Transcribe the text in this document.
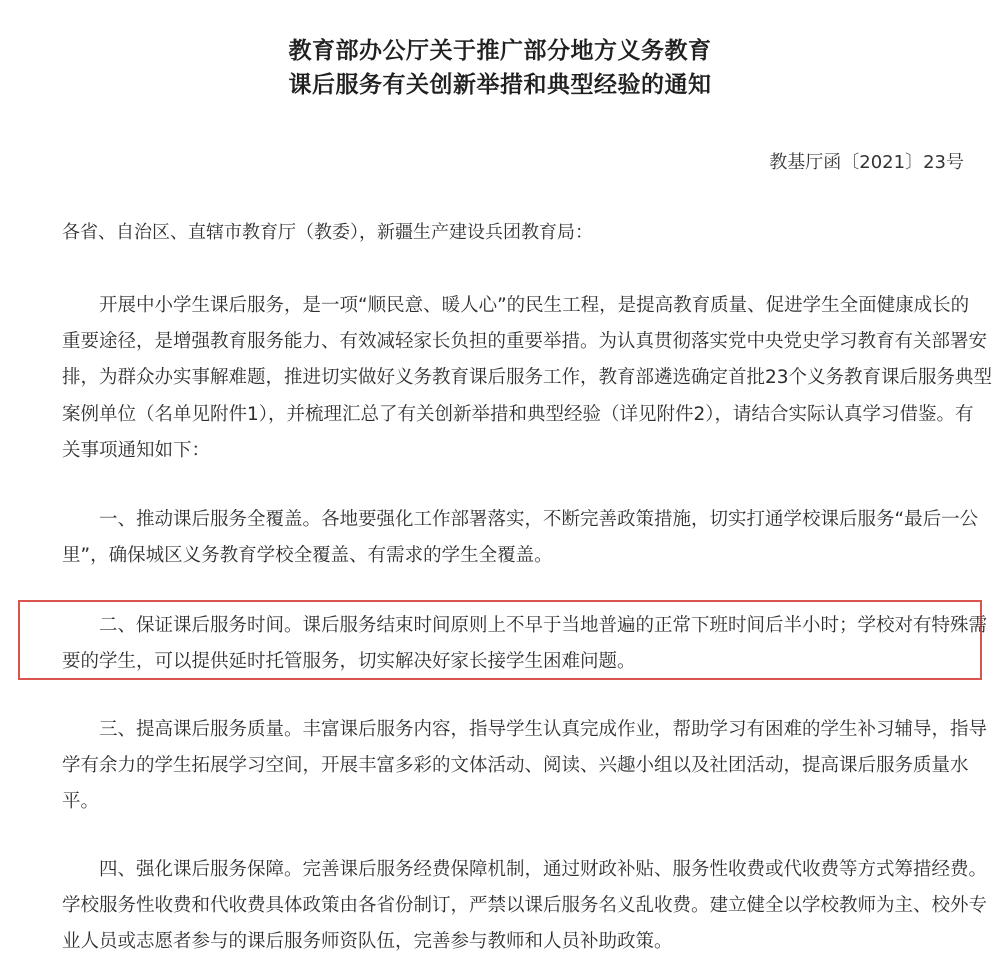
教育部办公厅关于推广部分地方义务教育
课后服务有关创新举措和典型经验的通知
教基厅函〔2021〕23号
各省、自治区、直辖市教育厅（教委），新疆生产建设兵团教育局：
开展中小学生课后服务，是一项“顺民意、暖人心”的民生工程，是提高教育质量、促进学生全面健康成长的
重要途径，是增强教育服务能力、有效减轻家长负担的重要举措。为认真贯彻落实党中央党史学习教育有关部署安
排，为群众办实事解难题，推进切实做好义务教育课后服务工作，教育部遴选确定首批23个义务教育课后服务典型
案例单位（名单见附件1），并梳理汇总了有关创新举措和典型经验（详见附件2），请结合实际认真学习借鉴。有
关事项通知如下：
一、推动课后服务全覆盖。各地要强化工作部署落实，不断完善政策措施，切实打通学校课后服务“最后一公
里”，确保城区义务教育学校全覆盖、有需求的学生全覆盖。
二、保证课后服务时间。课后服务结束时间原则上不早于当地普遍的正常下班时间后半小时；学校对有特殊需
要的学生，可以提供延时托管服务，切实解决好家长接学生困难问题。
三、提高课后服务质量。丰富课后服务内容，指导学生认真完成作业，帮助学习有困难的学生补习辅导，指导
学有余力的学生拓展学习空间，开展丰富多彩的文体活动、阅读、兴趣小组以及社团活动，提高课后服务质量水
平。
四、强化课后服务保障。完善课后服务经费保障机制，通过财政补贴、服务性收费或代收费等方式筹措经费。
学校服务性收费和代收费具体政策由各省份制订，严禁以课后服务名义乱收费。建立健全以学校教师为主、校外专
业人员或志愿者参与的课后服务师资队伍，完善参与教师和人员补助政策。
